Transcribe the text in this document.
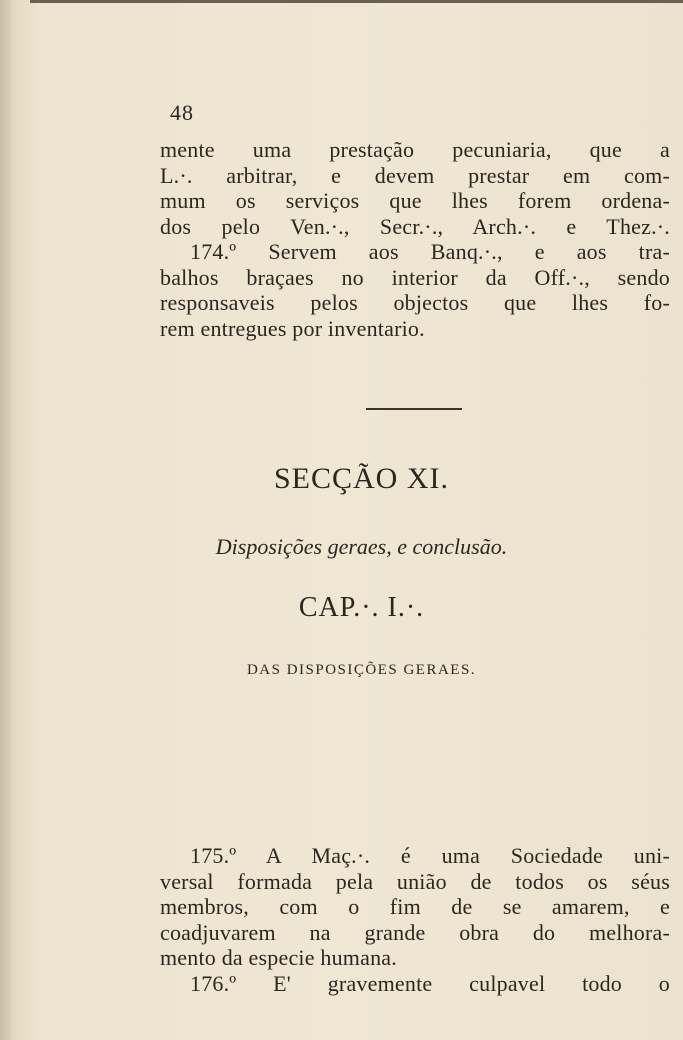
48
mente uma prestação pecuniaria, que a
L.·. arbitrar, e devem prestar em com-
mum os serviços que lhes forem ordena-
dos pelo Ven.·., Secr.·., Arch.·. e Thez.·.
174.º Servem aos Banq.·., e aos tra-
balhos braçaes no interior da Off.·., sendo
responsaveis pelos objectos que lhes fo-
rem entregues por inventario.
SECÇÃO XI.
Disposições geraes, e conclusão.
CAP.·. I.·.
DAS DISPOSIÇÕES GERAES.
175.º A Maç.·. é uma Sociedade uni-
versal formada pela união de todos os séus
membros, com o fim de se amarem, e
coadjuvarem na grande obra do melhora-
mento da especie humana.
176.º E' gravemente culpavel todo o
